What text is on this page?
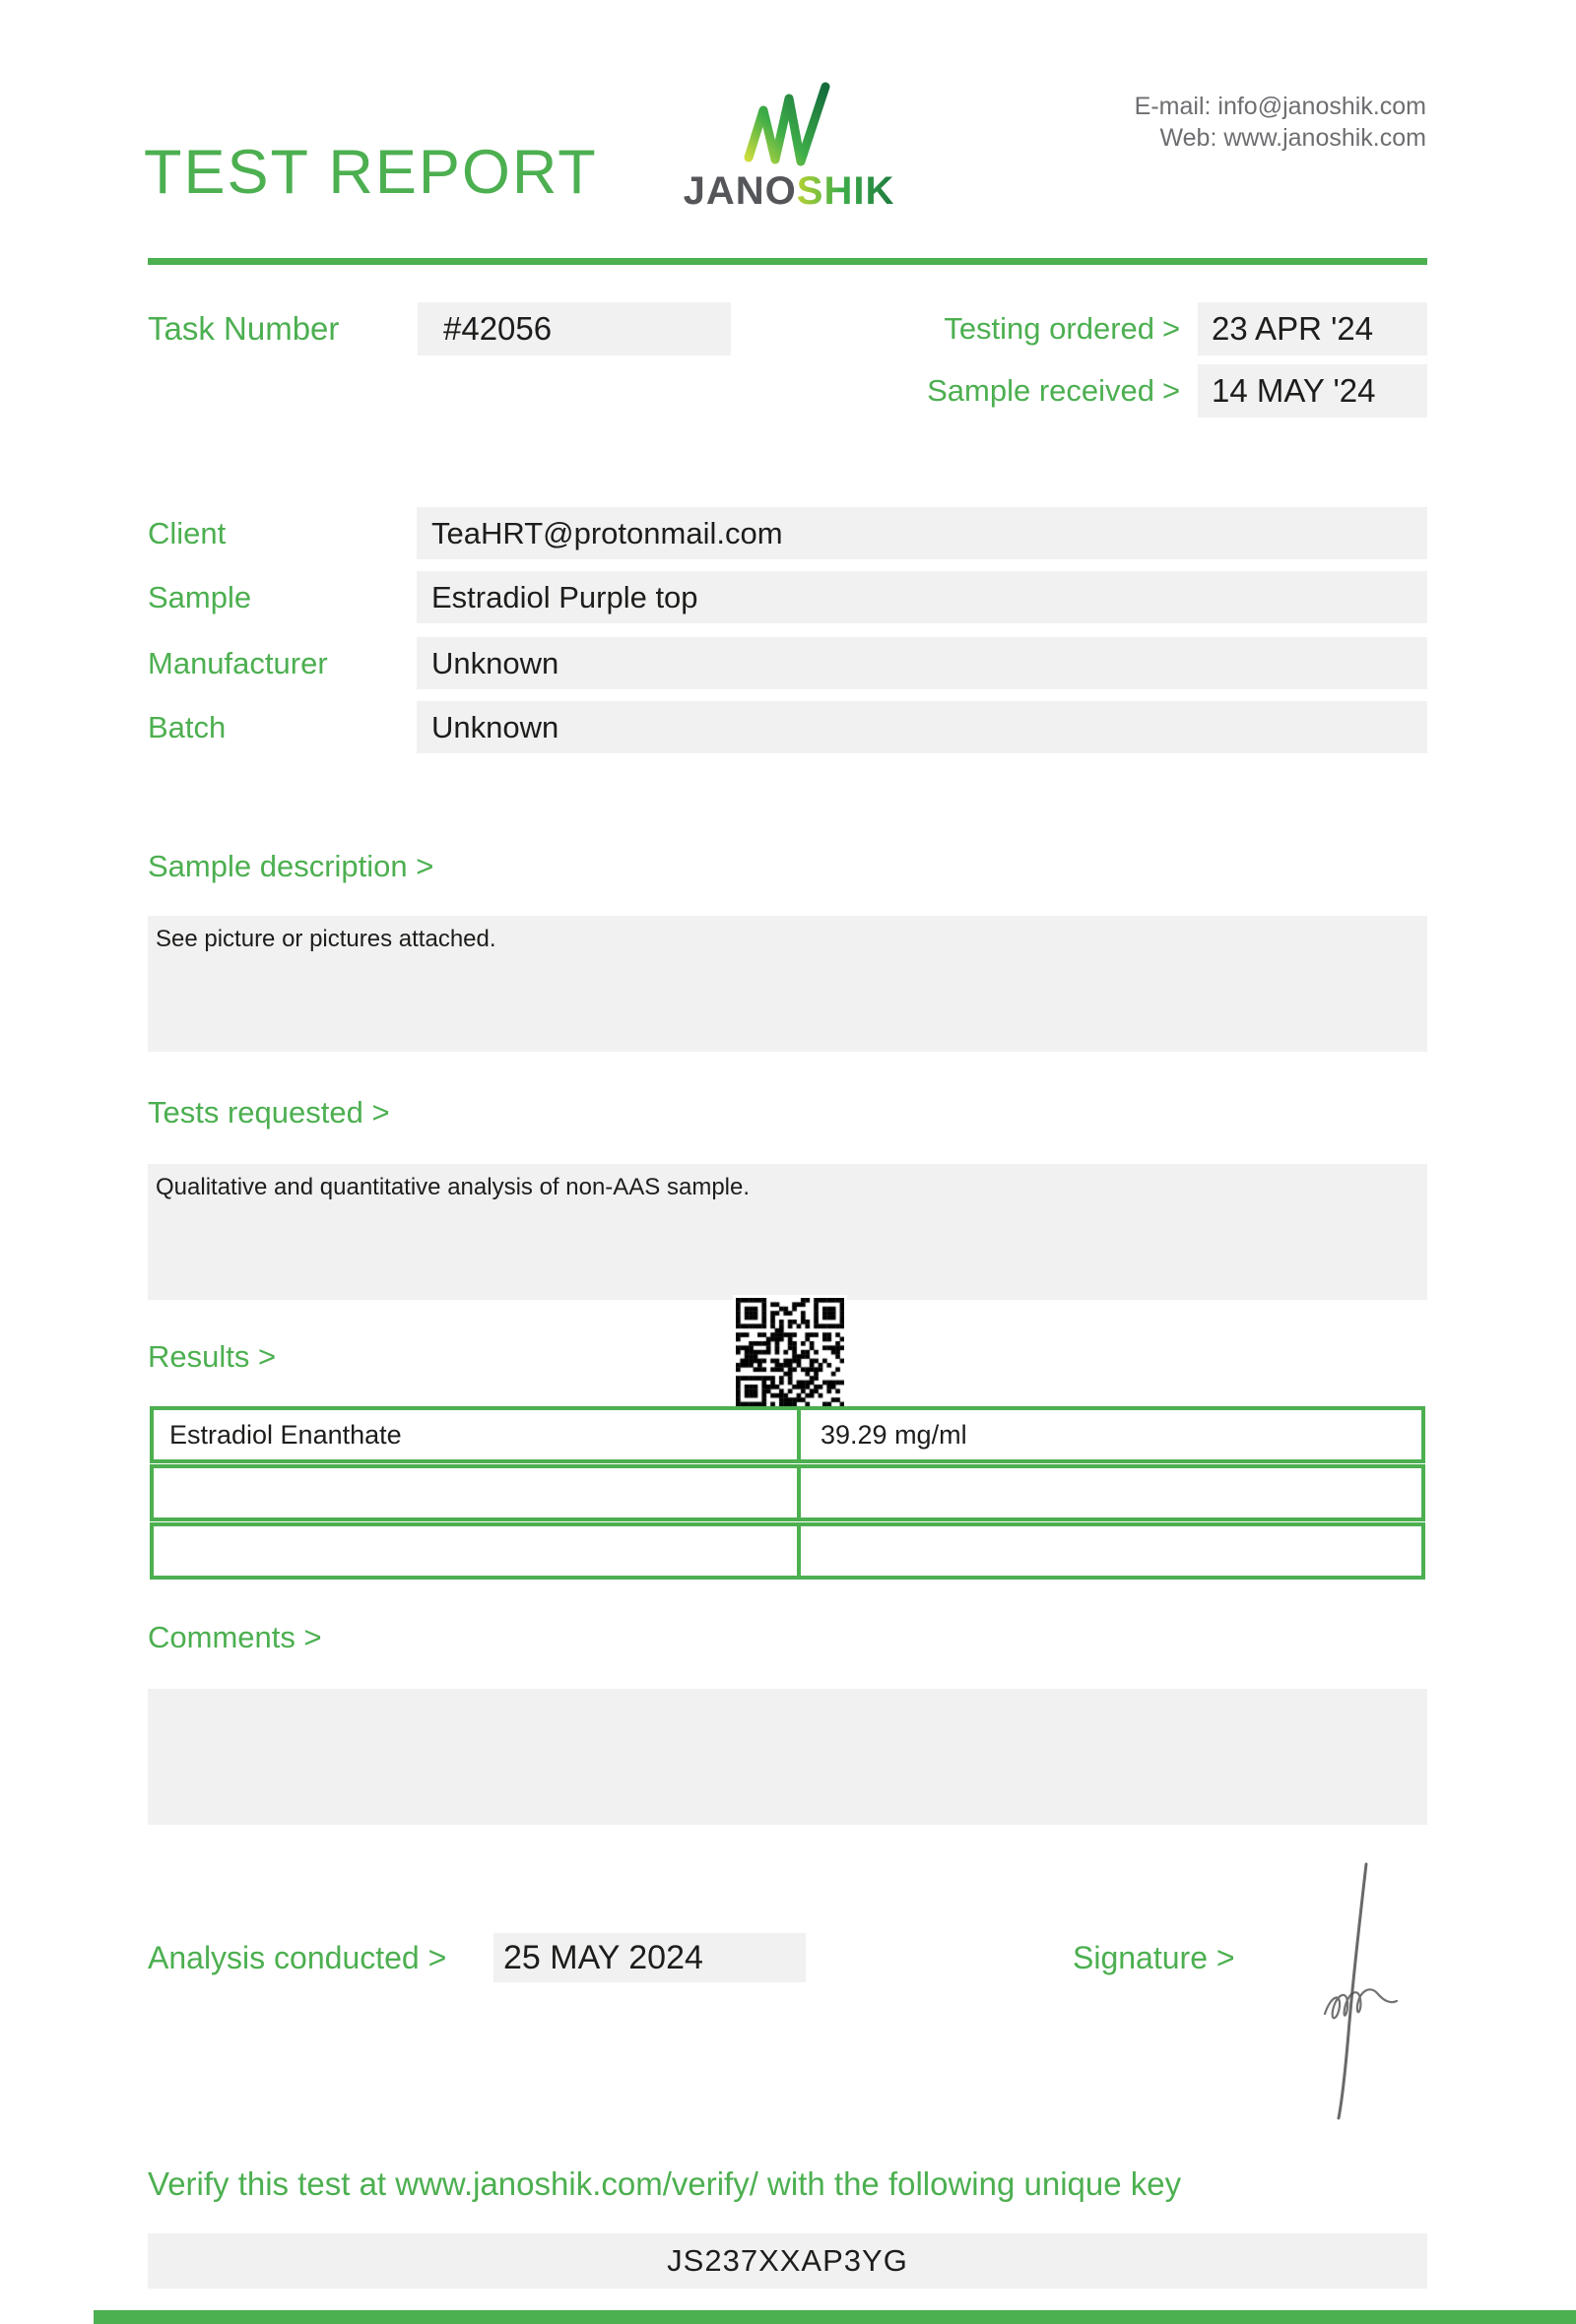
TEST REPORT JANOSHIK
E-mail: info@janoshik.com
Web: www.janoshik.com
Task Number	#42056	Testing ordered > 23 APR '24
Sample received > 14 MAY '24
Client	TeaHRT@protonmail.com
Sample	Estradiol Purple top
Manufacturer	Unknown
Batch	Unknown
Sample description >
See picture or pictures attached.
Tests requested >
Qualitative and quantitative analysis of non-AAS sample.
Results >
Estradiol Enanthate	39.29 mg/ml
Comments >
Analysis conducted > 25 MAY 2024	Signature >
Verify this test at www.janoshik.com/verify/ with the following unique key
JS237XXAP3YG
